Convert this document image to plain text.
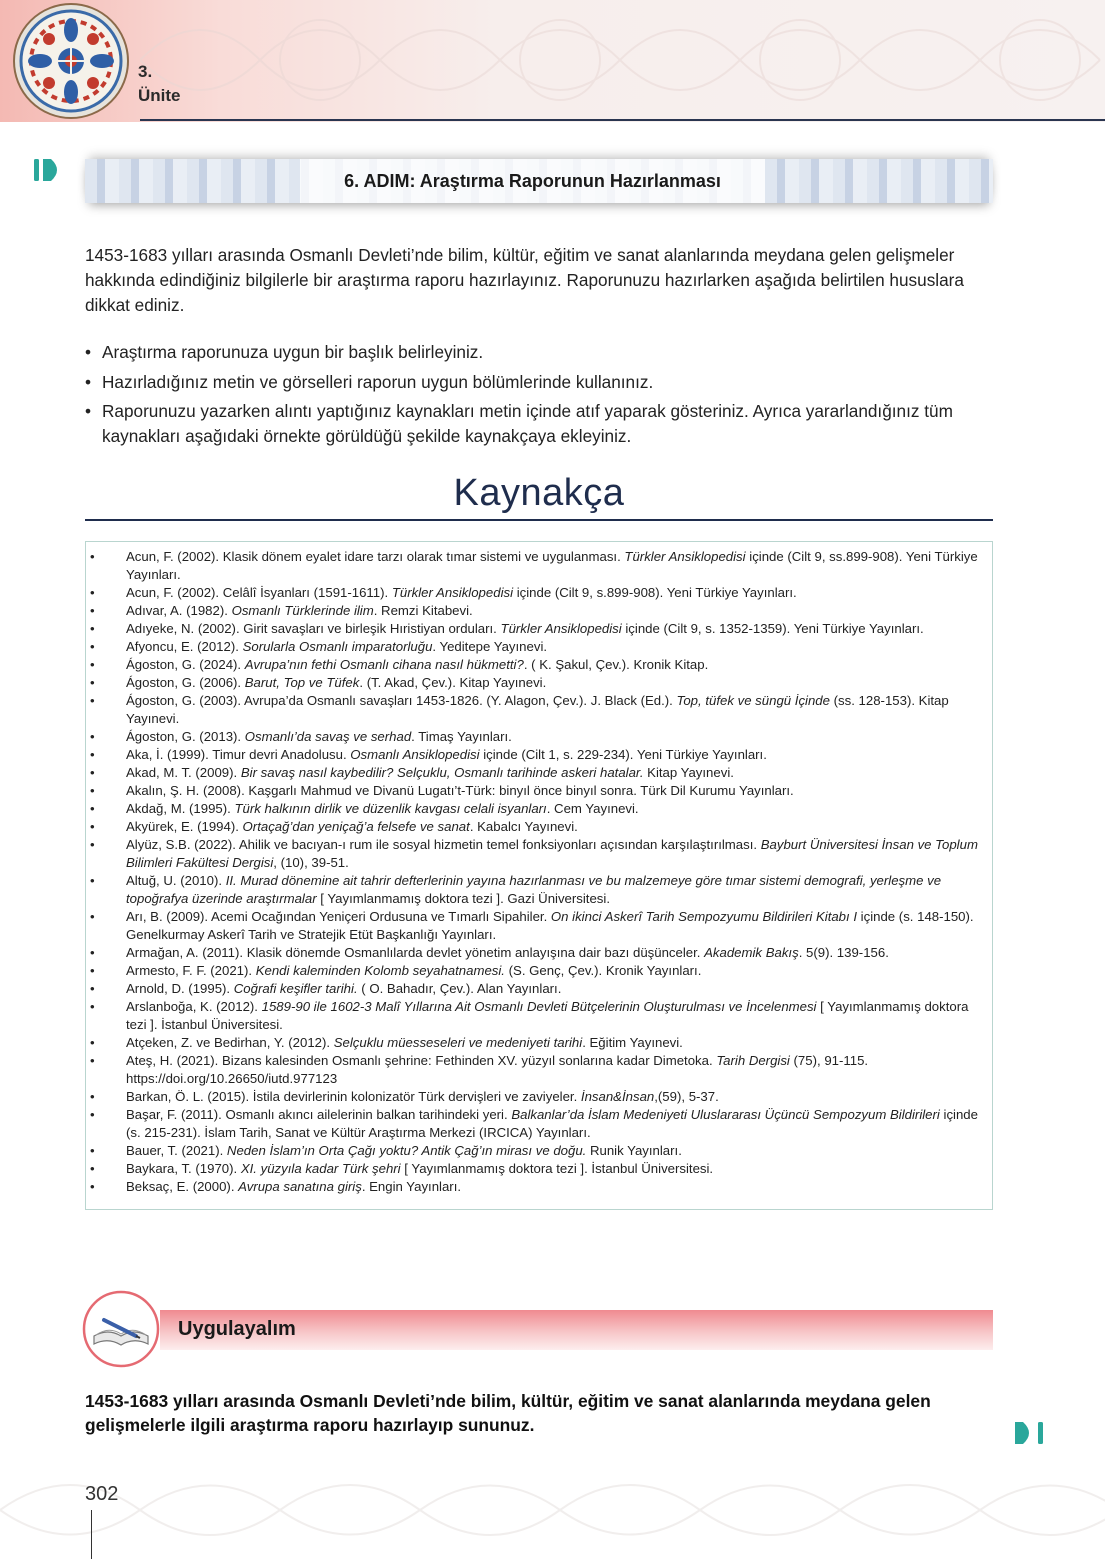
3.
Ünite
6. ADIM: Araştırma Raporunun Hazırlanması
1453-1683 yılları arasında Osmanlı Devleti’nde bilim, kültür, eğitim ve sanat alanlarında meydana gelen gelişmeler hakkında edindiğiniz bilgilerle bir araştırma raporu hazırlayınız. Raporunuzu hazırlarken aşağıda belirtilen hususlara dikkat ediniz.
• Araştırma raporunuza uygun bir başlık belirleyiniz.
• Hazırladığınız metin ve görselleri raporun uygun bölümlerinde kullanınız.
• Raporunuzu yazarken alıntı yaptığınız kaynakları metin içinde atıf yaparak gösteriniz. Ayrıca yararlandığınız tüm kaynakları aşağıdaki örnekte görüldüğü şekilde kaynakçaya ekleyiniz.
Kaynakça
• Acun, F. (2002). Klasik dönem eyalet idare tarzı olarak tımar sistemi ve uygulanması. Türkler Ansiklopedisi içinde (Cilt 9, ss.899-908). Yeni Türkiye Yayınları.
• Acun, F. (2002). Celâlî İsyanları (1591-1611). Türkler Ansiklopedisi içinde (Cilt 9, s.899-908). Yeni Türkiye Yayınları.
• Adıvar, A. (1982). Osmanlı Türklerinde ilim. Remzi Kitabevi.
• Adıyeke, N. (2002). Girit savaşları ve birleşik Hıristiyan orduları. Türkler Ansiklopedisi içinde (Cilt 9, s. 1352-1359). Yeni Türkiye Yayınları.
• Afyoncu, E. (2012). Sorularla Osmanlı imparatorluğu. Yeditepe Yayınevi.
• Ágoston, G. (2024). Avrupa’nın fethi Osmanlı cihana nasıl hükmetti?. ( K. Şakul, Çev.). Kronik Kitap.
• Ágoston, G. (2006). Barut, Top ve Tüfek. (T. Akad, Çev.). Kitap Yayınevi.
• Ágoston, G. (2003). Avrupa’da Osmanlı savaşları 1453-1826. (Y. Alagon, Çev.). J. Black (Ed.). Top, tüfek ve süngü İçinde (ss. 128-153). Kitap Yayınevi.
• Ágoston, G. (2013). Osmanlı’da savaş ve serhad. Timaş Yayınları.
• Aka, İ. (1999). Timur devri Anadolusu. Osmanlı Ansiklopedisi içinde (Cilt 1, s. 229-234). Yeni Türkiye Yayınları.
• Akad, M. T. (2009). Bir savaş nasıl kaybedilir? Selçuklu, Osmanlı tarihinde askeri hatalar. Kitap Yayınevi.
• Akalın, Ş. H. (2008). Kaşgarlı Mahmud ve Divanü Lugatı’t-Türk: binyıl önce binyıl sonra. Türk Dil Kurumu Yayınları.
• Akdağ, M. (1995). Türk halkının dirlik ve düzenlik kavgası celali isyanları. Cem Yayınevi.
• Akyürek, E. (1994). Ortaçağ’dan yeniçağ’a felsefe ve sanat. Kabalcı Yayınevi.
• Alyüz, S.B. (2022). Ahilik ve bacıyan-ı rum ile sosyal hizmetin temel fonksiyonları açısından karşılaştırılması. Bayburt Üniversitesi İnsan ve Toplum Bilimleri Fakültesi Dergisi, (10), 39-51.
• Altuğ, U. (2010). II. Murad dönemine ait tahrir defterlerinin yayına hazırlanması ve bu malzemeye göre tımar sistemi demografi, yerleşme ve topoğrafya üzerinde araştırmalar [ Yayımlanmamış doktora tezi ]. Gazi Üniversitesi.
• Arı, B. (2009). Acemi Ocağından Yeniçeri Ordusuna ve Tımarlı Sipahiler. On ikinci Askerî Tarih Sempozyumu Bildirileri Kitabı I içinde (s. 148-150). Genelkurmay Askerî Tarih ve Stratejik Etüt Başkanlığı Yayınları.
• Armağan, A. (2011). Klasik dönemde Osmanlılarda devlet yönetim anlayışına dair bazı düşünceler. Akademik Bakış. 5(9). 139-156.
• Armesto, F. F. (2021). Kendi kaleminden Kolomb seyahatnamesi. (S. Genç, Çev.). Kronik Yayınları.
• Arnold, D. (1995). Coğrafi keşifler tarihi. ( O. Bahadır, Çev.). Alan Yayınları.
• Arslanboğa, K. (2012). 1589-90 ile 1602-3 Malî Yıllarına Ait Osmanlı Devleti Bütçelerinin Oluşturulması ve İncelenmesi [ Yayımlanmamış doktora tezi ]. İstanbul Üniversitesi.
• Atçeken, Z. ve Bedirhan, Y. (2012). Selçuklu müesseseleri ve medeniyeti tarihi. Eğitim Yayınevi.
• Ateş, H. (2021). Bizans kalesinden Osmanlı şehrine: Fethinden XV. yüzyıl sonlarına kadar Dimetoka. Tarih Dergisi (75), 91-115. https://doi.org/10.26650/iutd.977123
• Barkan, Ö. L. (2015). İstila devirlerinin kolonizatör Türk dervişleri ve zaviyeler. İnsan&İnsan,(59), 5-37.
• Başar, F. (2011). Osmanlı akıncı ailelerinin balkan tarihindeki yeri. Balkanlar’da İslam Medeniyeti Uluslararası Üçüncü Sempozyum Bildirileri içinde (s. 215-231). İslam Tarih, Sanat ve Kültür Araştırma Merkezi (IRCICA) Yayınları.
• Bauer, T. (2021). Neden İslam’ın Orta Çağı yoktu? Antik Çağ’ın mirası ve doğu. Runik Yayınları.
• Baykara, T. (1970). XI. yüzyıla kadar Türk şehri [ Yayımlanmamış doktora tezi ]. İstanbul Üniversitesi.
• Beksaç, E. (2000). Avrupa sanatına giriş. Engin Yayınları.
Uygulayalım
1453-1683 yılları arasında Osmanlı Devleti’nde bilim, kültür, eğitim ve sanat alanlarında meydana gelen gelişmelerle ilgili araştırma raporu hazırlayıp sununuz.
302
